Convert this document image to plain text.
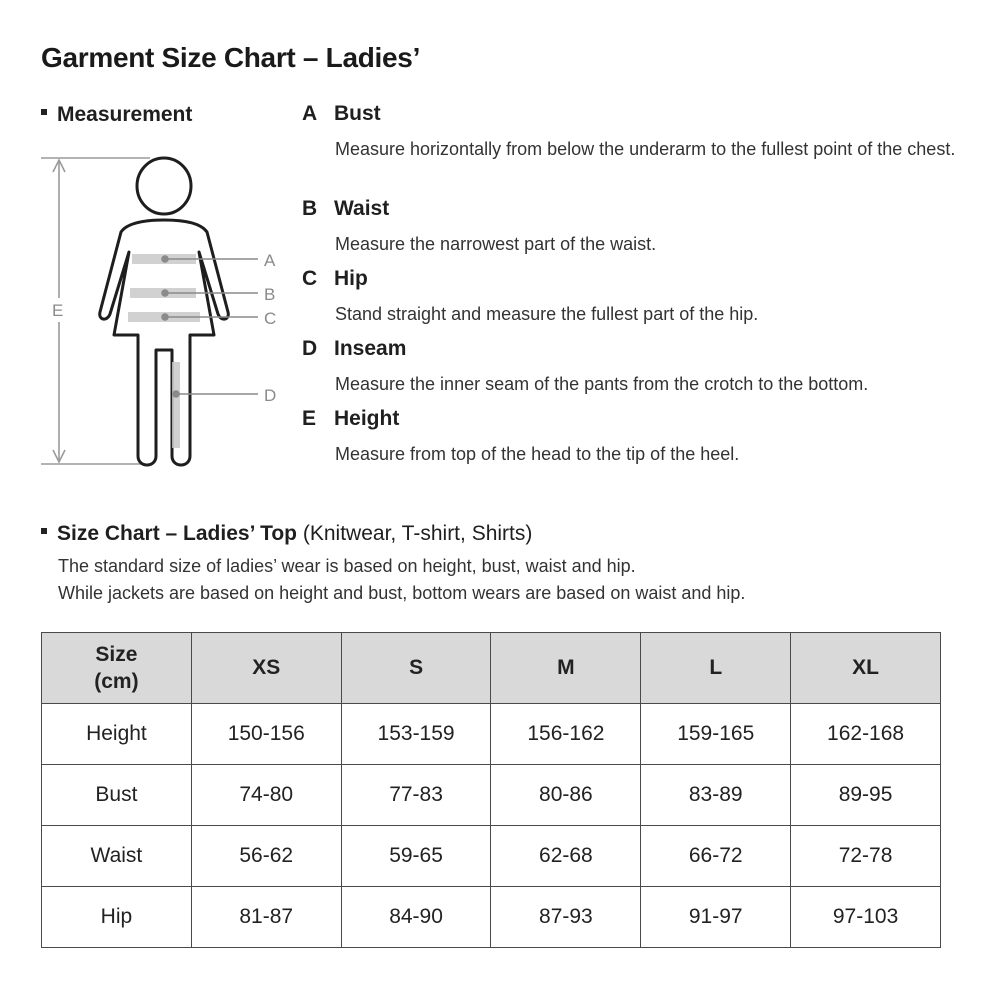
Garment Size Chart – Ladies’
Measurement
A
B
C
D
E
A Bust
Measure horizontally from below the underarm to the fullest point of the chest.
B Waist
Measure the narrowest part of the waist.
C Hip
Stand straight and measure the fullest part of the hip.
D Inseam
Measure the inner seam of the pants from the crotch to the bottom.
E Height
Measure from top of the head to the tip of the heel.
Size Chart – Ladies’ Top (Knitwear, T-shirt, Shirts)
The standard size of ladies’ wear is based on height, bust, waist and hip.
While jackets are based on height and bust, bottom wears are based on waist and hip.
Size
(cm)	XS	S	M	L	XL
Height	150-156	153-159	156-162	159-165	162-168
Bust	74-80	77-83	80-86	83-89	89-95
Waist	56-62	59-65	62-68	66-72	72-78
Hip	81-87	84-90	87-93	91-97	97-103
